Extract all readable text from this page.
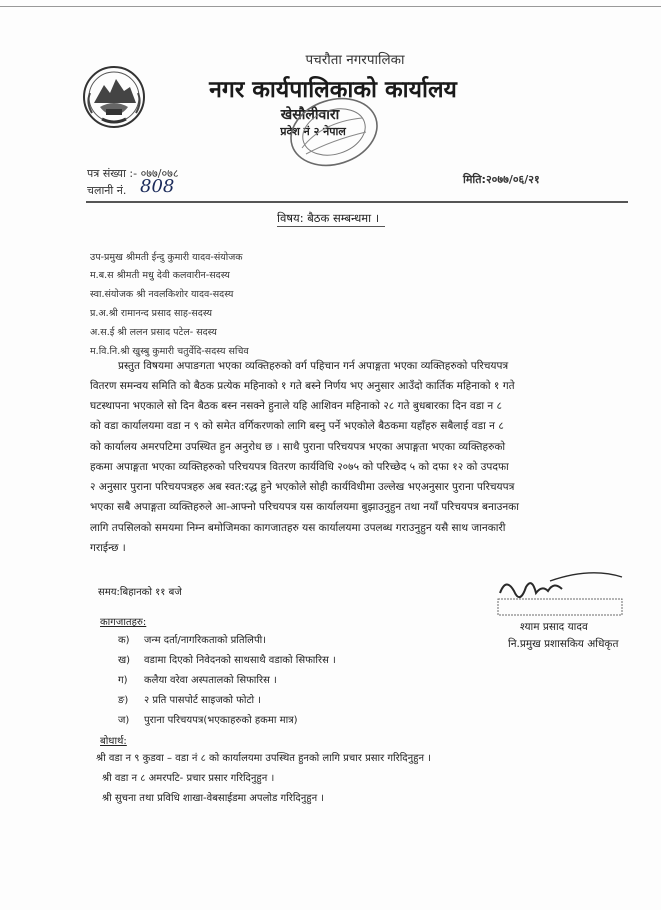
पचरौता नगरपालिका
नगर कार्यपालिकाको कार्यालय
खेसौलीवारा
प्रदेश नं २ नेपाल
पत्र संख्या :- ०७७/०७८
चलानी नं. 808	मिति:२०७७/०६/२१
विषय: बैठक सम्बन्धमा ।
उप-प्रमुख श्रीमती ईन्दु कुमारी यादव-संयोजक
म.ब.स श्रीमती मधु देवी कलवारीन-सदस्य
स्वा.संयोजक श्री नवलकिशोर यादव-सदस्य
प्र.अ.श्री रामानन्द प्रसाद साह-सदस्य
अ.स.ई श्री ललन प्रसाद पटेल- सदस्य
म.वि.नि.श्री खुस्बु कुमारी चतुर्वेदि-सदस्य सचिव
प्रस्तुत विषयमा अपाङगता भएका व्यक्तिहरुको वर्ग पहिचान गर्न अपाङ्गता भएका व्यक्तिहरुको परिचयपत्र
वितरण समन्वय समिति को बैठक प्रत्येक महिनाको १ गते बस्ने निर्णय भए अनुसार आउँदो कार्तिक महिनाको १ गते
घटस्थापना भएकाले सो दिन बैठक बस्न नसक्ने हुनाले यहि आशिवन महिनाको २८ गते बुधबारका दिन वडा न ८
को वडा कार्यालयमा वडा न ९ को समेत वर्गिकरणको लागि बस्नु पर्ने भएकोले बैठकमा यहाँहरु सबैलाई वडा न ८
को कार्यालय अमरपटिमा उपस्थित हुन अनुरोध छ । साथै पुराना परिचयपत्र भएका अपाङ्गता भएका व्यक्तिहरुको
हकमा अपाङ्गता भएका व्यक्तिहरुको परिचयपत्र वितरण कार्यविधि २०७५ को परिच्छेद ५ को दफा १२ को उपदफा
२ अनुसार पुराना परिचयपत्रहरु अब स्वत:रद्ध हुने भएकोले सोही कार्यविधीमा उल्लेख भएअनुसार पुराना परिचयपत्र
भएका सबै अपाङ्गता व्यक्तिहरुले आ-आफ्नो परिचयपत्र यस कार्यालयमा बुझाउनुहुन तथा नयाँ परिचयपत्र बनाउनका
लागि तपसिलको समयमा निम्न बमोजिमका कागजातहरु यस कार्यालयमा उपलब्ध गराउनुहुन यसै साथ जानकारी
गराईन्छ ।
समय:बिहानको ११ बजे
श्याम प्रसाद यादव
नि.प्रमुख प्रशासकिय अधिकृत
कागजातहरु:
क) जन्म दर्ता/नागरिकताको प्रतिलिपी।
ख) वडामा दिएको निवेदनको साथसाथै वडाको सिफारिस ।
ग) कलैया वरेवा अस्पतालको सिफारिस ।
ङ) २ प्रति पासपोर्ट साइजको फोटो ।
ज) पुराना परिचयपत्र(भएकाहरुको हकमा मात्र)
बोधार्थ:
श्री वडा न ९ कुडवा – वडा नं ८ को कार्यालयमा उपस्थित हुनको लागि प्रचार प्रसार गरिदिनुहुन ।
श्री वडा न ८ अमरपटि- प्रचार प्रसार गरिदिनुहुन ।
श्री सुचना तथा प्रविधि शाखा-वेबसाईडमा अपलोड गरिदिनुहुन ।
